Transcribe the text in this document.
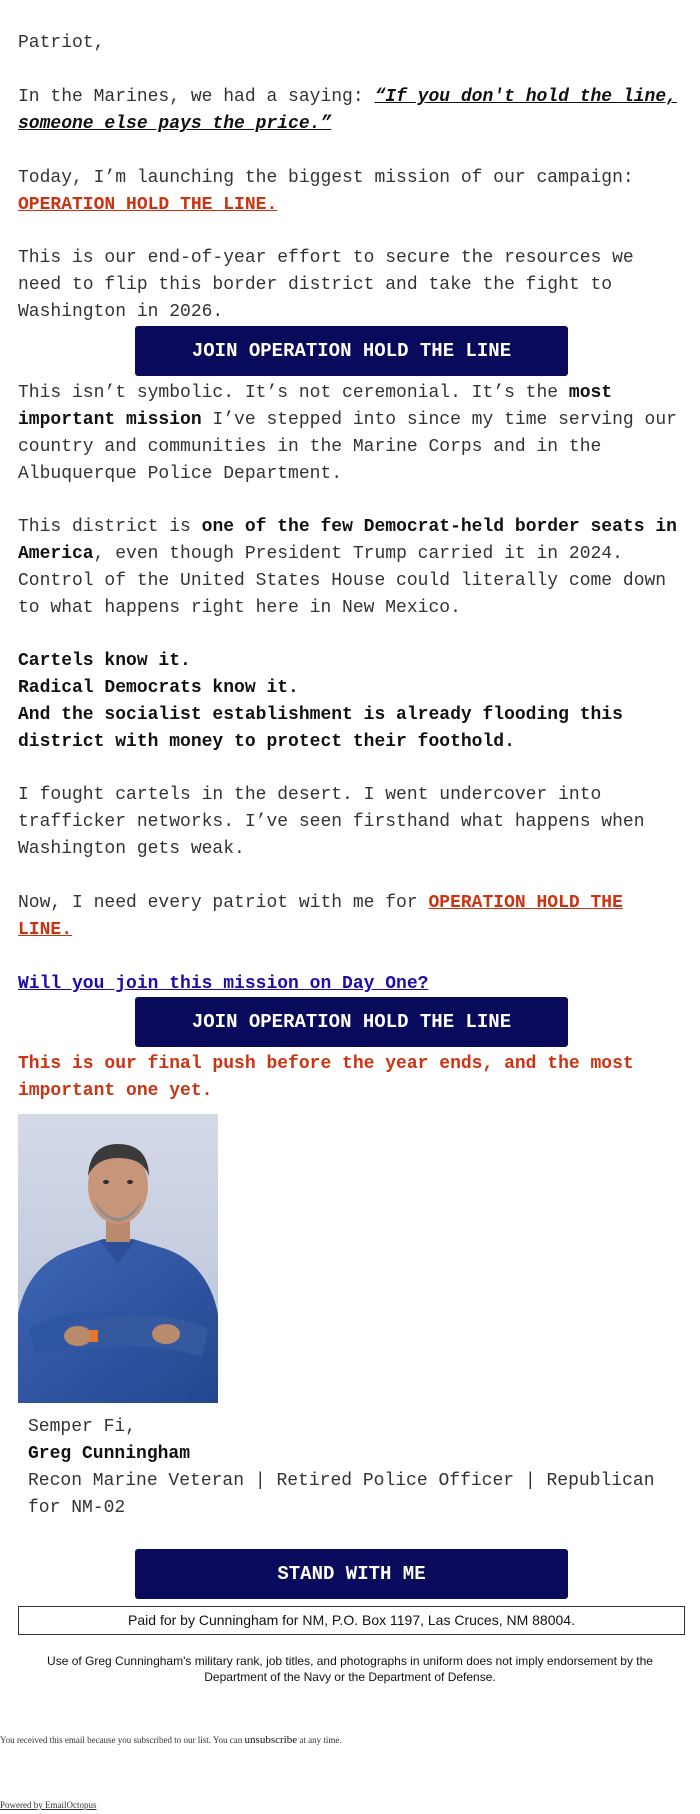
Patriot,
In the Marines, we had a saying: “If you don't hold the line, someone else pays the price.”
Today, I’m launching the biggest mission of our campaign: OPERATION HOLD THE LINE.
This is our end-of-year effort to secure the resources we need to flip this border district and take the fight to Washington in 2026.
JOIN OPERATION HOLD THE LINE
This isn’t symbolic. It’s not ceremonial. It’s the most important mission I’ve stepped into since my time serving our country and communities in the Marine Corps and in the Albuquerque Police Department.
This district is one of the few Democrat-held border seats in America, even though President Trump carried it in 2024. Control of the United States House could literally come down to what happens right here in New Mexico.
Cartels know it.
Radical Democrats know it.
And the socialist establishment is already flooding this district with money to protect their foothold.
I fought cartels in the desert. I went undercover into trafficker networks. I’ve seen firsthand what happens when Washington gets weak.
Now, I need every patriot with me for OPERATION HOLD THE LINE.
Will you join this mission on Day One?
JOIN OPERATION HOLD THE LINE
This is our final push before the year ends, and the most important one yet.
Semper Fi,
Greg Cunningham
Recon Marine Veteran | Retired Police Officer | Republican for NM-02
STAND WITH ME
Paid for by Cunningham for NM, P.O. Box 1197, Las Cruces, NM 88004.
Use of Greg Cunningham's military rank, job titles, and photographs in uniform does not imply endorsement by the Department of the Navy or the Department of Defense.
You received this email because you subscribed to our list. You can unsubscribe at any time.
Powered by EmailOctopus
